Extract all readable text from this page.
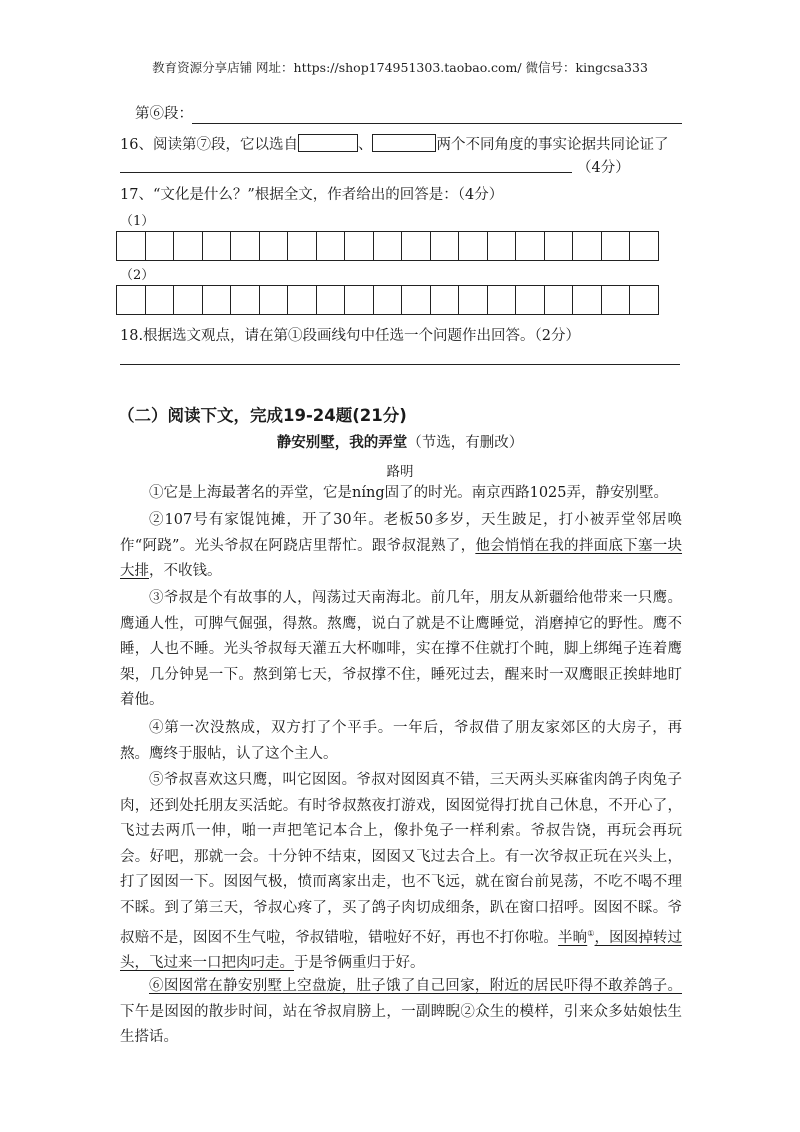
教育资源分享店铺 网址：https://shop174951303.taobao.com/ 微信号：kingcsa333
第⑥段：
16、阅读第⑦段，它以选自	、	两个不同角度的事实论据共同论证了
（4分）
17、“文化是什么？”根据全文，作者给出的回答是：（4分）
（1）
（2）
18.根据选文观点，请在第①段画线句中任选一个问题作出回答。（2分）
（二）阅读下文，完成19-24题(21分)
静安别墅，我的弄堂（节选，有删改）
路明
①它是上海最著名的弄堂，它是níng固了的时光。南京西路1025弄，静安别墅。
②107号有家馄饨摊，开了30年。老板50多岁，天生跛足，打小被弄堂邻居唤作“阿跷”。光头爷叔在阿跷店里帮忙。跟爷叔混熟了，他会悄悄在我的拌面底下塞一块大排，不收钱。
③爷叔是个有故事的人，闯荡过天南海北。前几年，朋友从新疆给他带来一只鹰。鹰通人性，可脾气倔强，得熬。熬鹰，说白了就是不让鹰睡觉，消磨掉它的野性。鹰不睡，人也不睡。光头爷叔每天灌五大杯咖啡，实在撑不住就打个盹，脚上绑绳子连着鹰架，几分钟晃一下。熬到第七天，爷叔撑不住，睡死过去，醒来时一双鹰眼正挨蚌地盯着他。
④第一次没熬成，双方打了个平手。一年后，爷叔借了朋友家郊区的大房子，再熬。鹰终于服帖，认了这个主人。
⑤爷叔喜欢这只鹰，叫它囡囡。爷叔对囡囡真不错，三天两头买麻雀肉鸽子肉兔子肉，还到处托朋友买活蛇。有时爷叔熬夜打游戏，囡囡觉得打扰自己休息，不开心了，飞过去两爪一伸，啪一声把笔记本合上，像扑兔子一样利索。爷叔告饶，再玩会再玩会。好吧，那就一会。十分钟不结束，囡囡又飞过去合上。有一次爷叔正玩在兴头上，打了囡囡一下。囡囡气极，愤而离家出走，也不飞远，就在窗台前晃荡，不吃不喝不理不睬。到了第三天，爷叔心疼了，买了鸽子肉切成细条，趴在窗口招呼。囡囡不睬。爷叔赔不是，囡囡不生气啦，爷叔错啦，错啦好不好，再也不打你啦。半晌①，囡囡掉转过头，飞过来一口把肉叼走。于是爷俩重归于好。
⑥囡囡常在静安别墅上空盘旋，肚子饿了自己回家，附近的居民吓得不敢养鸽子。下午是囡囡的散步时间，站在爷叔肩膀上，一副睥睨②众生的模样，引来众多姑娘怯生生搭话。
